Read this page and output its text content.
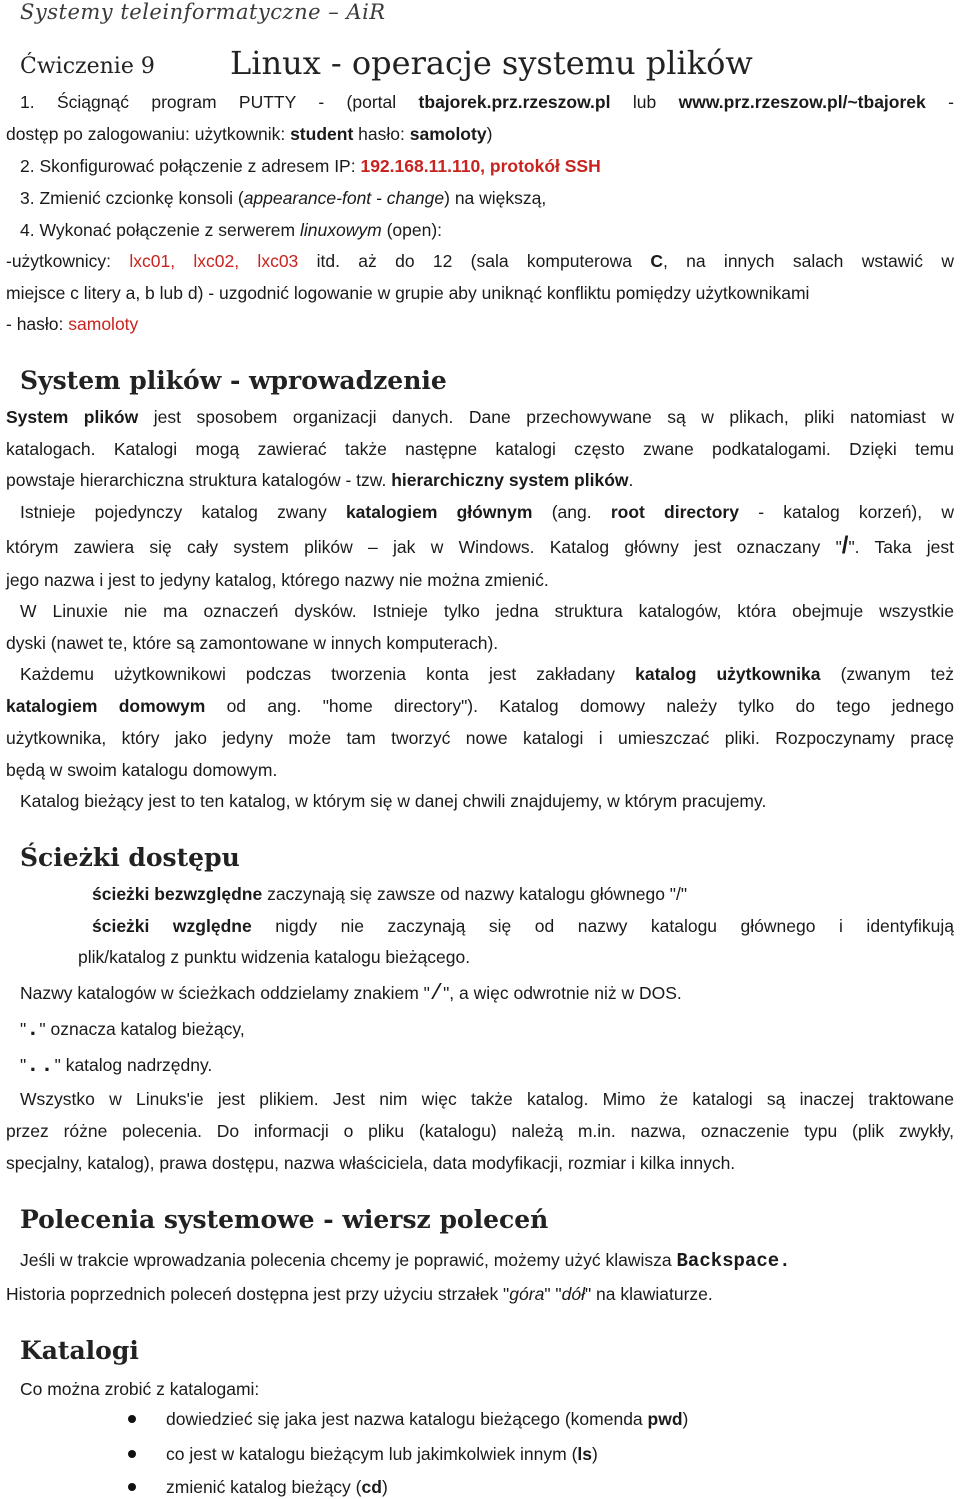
Systemy teleinformatyczne – AiR
Ćwiczenie 9 Linux - operacje systemu plików
1. Ściągnąć program PUTTY - (portal tbajorek.prz.rzeszow.pl lub www.prz.rzeszow.pl/~tbajorek -
dostęp po zalogowaniu: użytkownik: student hasło: samoloty)
2. Skonfigurować połączenie z adresem IP: 192.168.11.110, protokół SSH
3. Zmienić czcionkę konsoli (appearance-font - change) na większą,
4. Wykonać połączenie z serwerem linuxowym (open):
-użytkownicy: lxc01, lxc02, lxc03 itd. aż do 12 (sala komputerowa C, na innych salach wstawić w
miejsce c litery a, b lub d) - uzgodnić logowanie w grupie aby uniknąć konfliktu pomiędzy użytkownikami
- hasło: samoloty
System plików - wprowadzenie
System plików jest sposobem organizacji danych. Dane przechowywane są w plikach, pliki natomiast w
katalogach. Katalogi mogą zawierać także następne katalogi często zwane podkatalogami. Dzięki temu
powstaje hierarchiczna struktura katalogów - tzw. hierarchiczny system plików.
Istnieje pojedynczy katalog zwany katalogiem głównym (ang. root directory - katalog korzeń), w
którym zawiera się cały system plików – jak w Windows. Katalog główny jest oznaczany "/". Taka jest
jego nazwa i jest to jedyny katalog, którego nazwy nie można zmienić.
W Linuxie nie ma oznaczeń dysków. Istnieje tylko jedna struktura katalogów, która obejmuje wszystkie
dyski (nawet te, które są zamontowane w innych komputerach).
Każdemu użytkownikowi podczas tworzenia konta jest zakładany katalog użytkownika (zwanym też
katalogiem domowym od ang. "home directory"). Katalog domowy należy tylko do tego jednego
użytkownika, który jako jedyny może tam tworzyć nowe katalogi i umieszczać pliki. Rozpoczynamy pracę
będą w swoim katalogu domowym.
Katalog bieżący jest to ten katalog, w którym się w danej chwili znajdujemy, w którym pracujemy.
Ścieżki dostępu
ścieżki bezwzględne zaczynają się zawsze od nazwy katalogu głównego "/"
ścieżki względne nigdy nie zaczynają się od nazwy katalogu głównego i identyfikują
plik/katalog z punktu widzenia katalogu bieżącego.
Nazwy katalogów w ścieżkach oddzielamy znakiem "/", a więc odwrotnie niż w DOS.
"." oznacza katalog bieżący,
".." katalog nadrzędny.
Wszystko w Linuks'ie jest plikiem. Jest nim więc także katalog. Mimo że katalogi są inaczej traktowane
przez różne polecenia. Do informacji o pliku (katalogu) należą m.in. nazwa, oznaczenie typu (plik zwykły,
specjalny, katalog), prawa dostępu, nazwa właściciela, data modyfikacji, rozmiar i kilka innych.
Polecenia systemowe - wiersz poleceń
Jeśli w trakcie wprowadzania polecenia chcemy je poprawić, możemy użyć klawisza Backspace.
Historia poprzednich poleceń dostępna jest przy użyciu strzałek "góra" "dół" na klawiaturze.
Katalogi
Co można zrobić z katalogami:
dowiedzieć się jaka jest nazwa katalogu bieżącego (komenda pwd)
co jest w katalogu bieżącym lub jakimkolwiek innym (ls)
zmienić katalog bieżący (cd)
